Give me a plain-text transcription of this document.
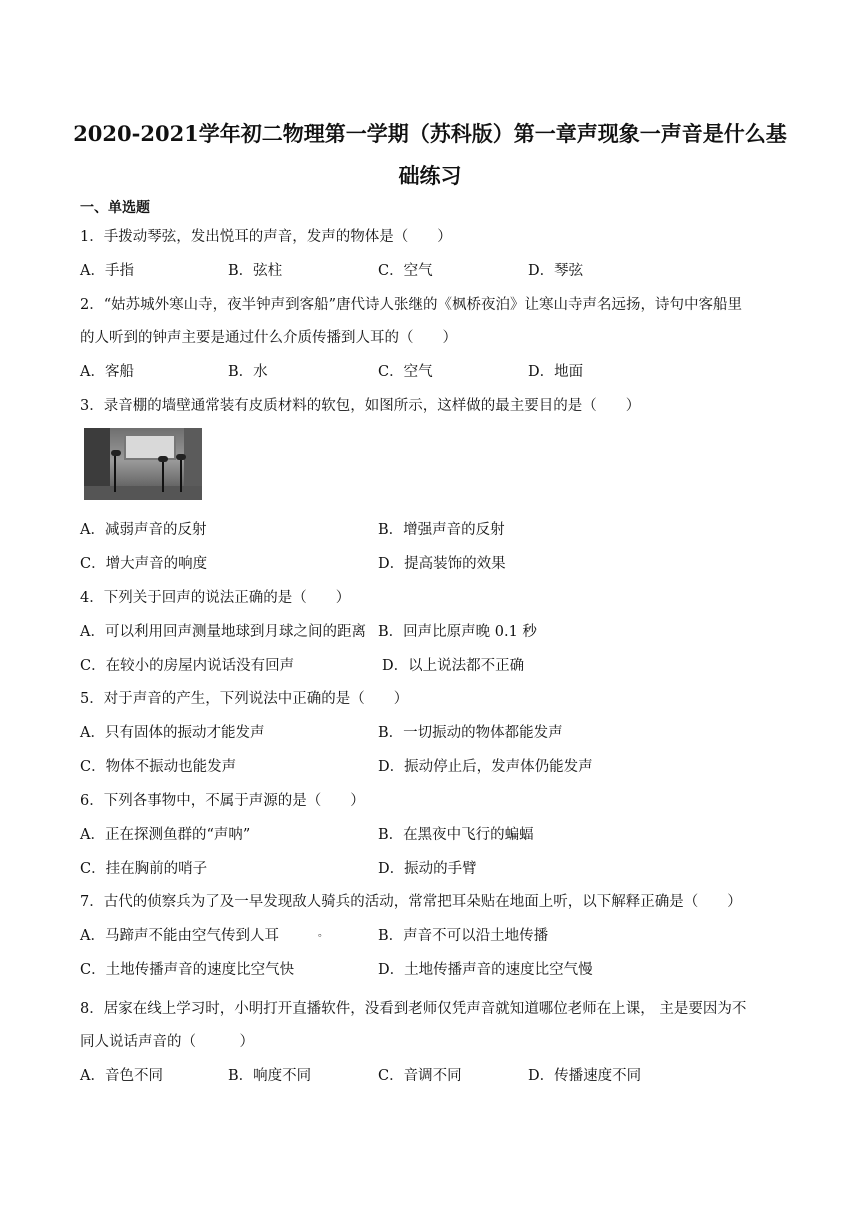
2020-2021学年初二物理第一学期（苏科版）第一章声现象一声音是什么基
础练习
一、单选题
1．手拨动琴弦，发出悦耳的声音，发声的物体是（　　）
A．手指	B．弦柱	C．空气	D．琴弦
2．“姑苏城外寒山寺，夜半钟声到客船”唐代诗人张继的《枫桥夜泊》让寒山寺声名远扬，诗句中客船里
的人听到的钟声主要是通过什么介质传播到人耳的（　　）
A．客船	B．水	C．空气	D．地面
3．录音棚的墙壁通常装有皮质材料的软包，如图所示，这样做的最主要目的是（　　）
A．减弱声音的反射	B．增强声音的反射
C．增大声音的响度	D．提高装饰的效果
4．下列关于回声的说法正确的是（　　）
A．可以利用回声测量地球到月球之间的距离 B．回声比原声晚 0.1 秒
C．在较小的房屋内说话没有回声	D．以上说法都不正确
5．对于声音的产生，下列说法中正确的是（　　）
A．只有固体的振动才能发声	B．一切振动的物体都能发声
C．物体不振动也能发声	D．振动停止后，发声体仍能发声
6．下列各事物中，不属于声源的是（　　）
A．正在探测鱼群的“声呐”	B．在黑夜中飞行的蝙蝠
C．挂在胸前的哨子	D．振动的手臂
7．古代的侦察兵为了及一早发现敌人骑兵的活动，常常把耳朵贴在地面上听，以下解释正确是（　　）
A．马蹄声不能由空气传到人耳	。	B．声音不可以沿土地传播
C．土地传播声音的速度比空气快	D．土地传播声音的速度比空气慢
8．居家在线上学习时，小明打开直播软件，没看到老师仅凭声音就知道哪位老师在上课， 主是要因为不
同人说话声音的（　　　）
A．音色不同	B．响度不同	C．音调不同	D．传播速度不同
